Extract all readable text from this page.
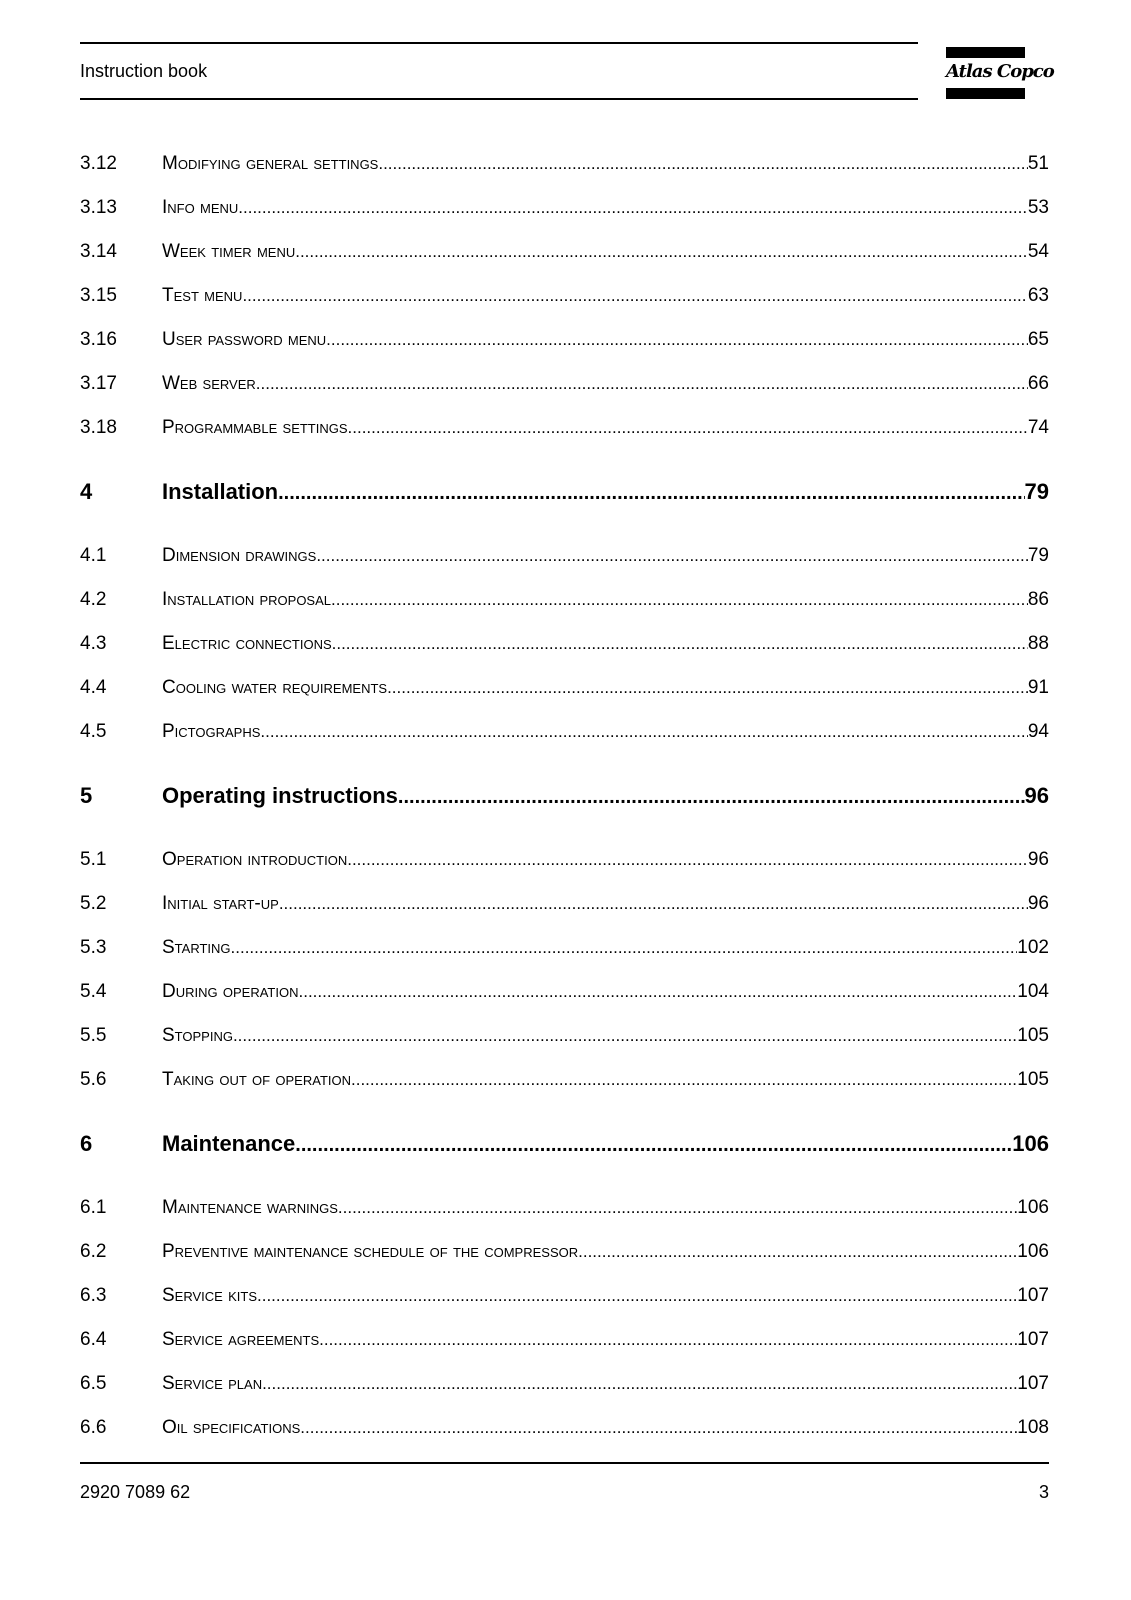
Instruction book	Atlas Copco
3.12	Modifying general settings .....	51
3.13	Info menu .....	53
3.14	Week timer menu .....	54
3.15	Test menu .....	63
3.16	User password menu .....	65
3.17	Web server .....	66
3.18	Programmable settings .....	74
4	Installation .....	79
4.1	Dimension drawings .....	79
4.2	Installation proposal .....	86
4.3	Electric connections .....	88
4.4	Cooling water requirements .....	91
4.5	Pictographs .....	94
5	Operating instructions .....	96
5.1	Operation introduction .....	96
5.2	Initial start-up .....	96
5.3	Starting .....	102
5.4	During operation .....	104
5.5	Stopping .....	105
5.6	Taking out of operation .....	105
6	Maintenance .....	106
6.1	Maintenance warnings .....	106
6.2	Preventive maintenance schedule of the compressor .....	106
6.3	Service kits .....	107
6.4	Service agreements .....	107
6.5	Service plan .....	107
6.6	Oil specifications .....	108
2920 7089 62	3
